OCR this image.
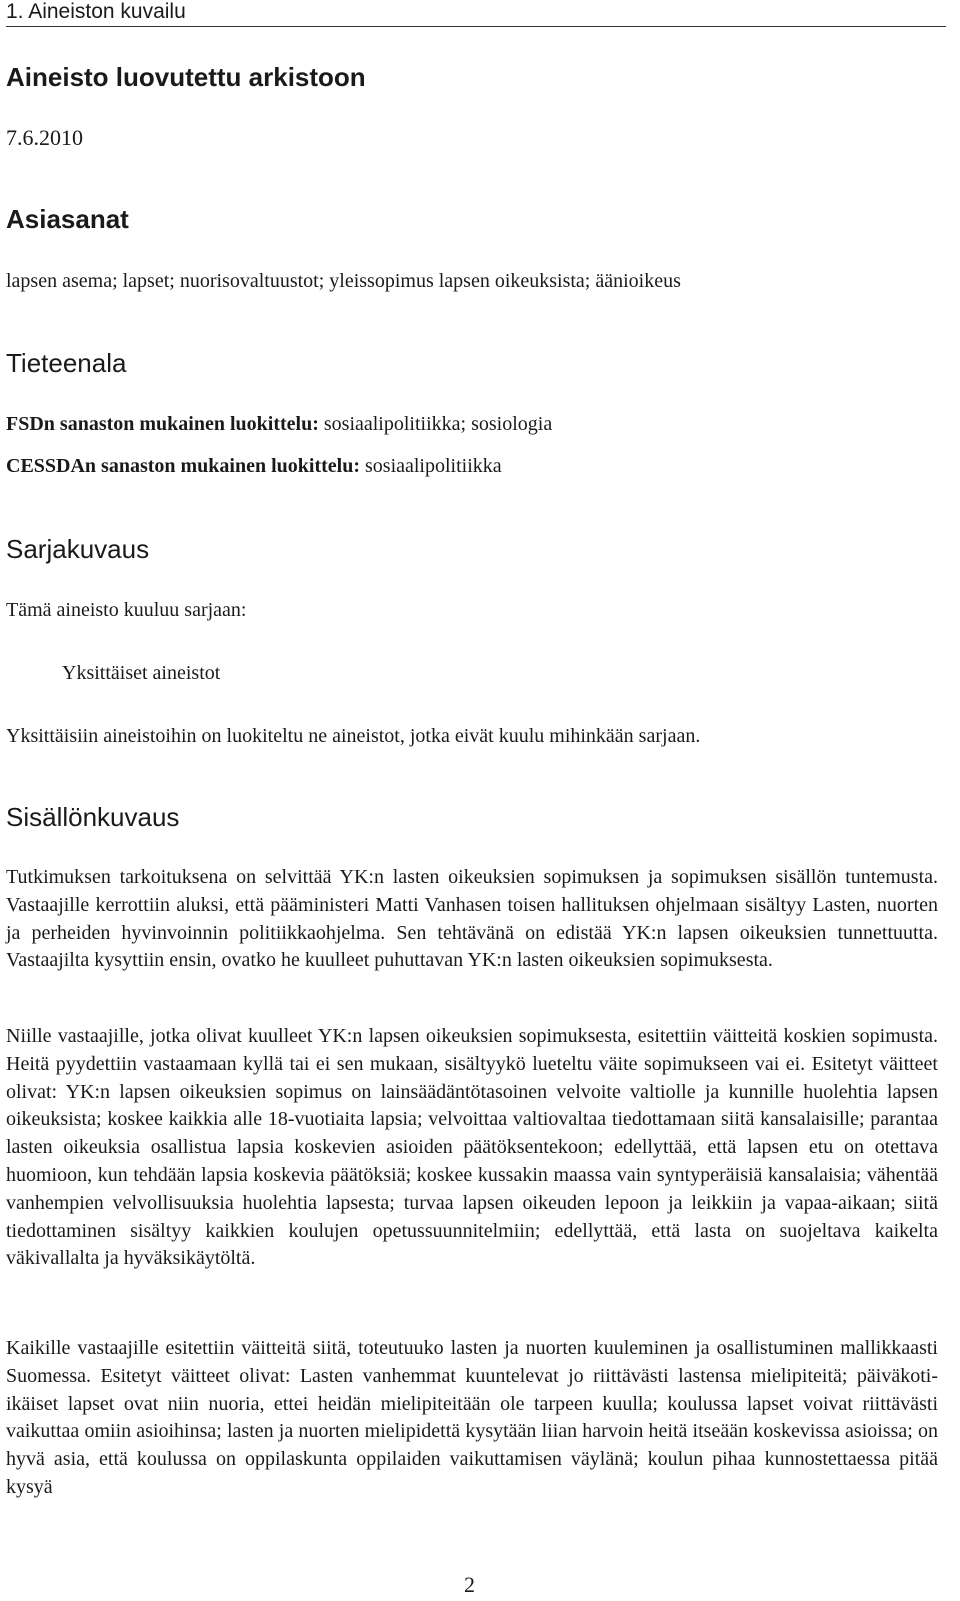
1. Aineiston kuvailu
Aineisto luovutettu arkistoon
7.6.2010
Asiasanat
lapsen asema; lapset; nuorisovaltuustot; yleissopimus lapsen oikeuksista; äänioikeus
Tieteenala
FSDn sanaston mukainen luokittelu: sosiaalipolitiikka; sosiologia
CESSDAn sanaston mukainen luokittelu: sosiaalipolitiikka
Sarjakuvaus
Tämä aineisto kuuluu sarjaan:
Yksittäiset aineistot
Yksittäisiin aineistoihin on luokiteltu ne aineistot, jotka eivät kuulu mihinkään sarjaan.
Sisällönkuvaus

Tutkimuksen tarkoituksena on selvittää YK:n lasten oikeuksien sopimuksen ja sopimuksen sisällön tuntemusta. Vastaajille kerrottiin aluksi, että pääministeri Matti Vanhasen toisen hallituksen ohjelmaan sisältyy Lasten, nuorten ja perheiden hyvinvoinnin politiikkaohjelma. Sen tehtävänä on edistää YK:n lapsen oikeuksien tunnettuutta. Vastaajilta kysyttiin ensin, ovatko he kuulleet puhuttavan YK:n lasten oikeuksien sopimuksesta.

Niille vastaajille, jotka olivat kuulleet YK:n lapsen oikeuksien sopimuksesta, esitettiin väitteitä koskien sopimusta. Heitä pyydettiin vastaamaan kyllä tai ei sen mukaan, sisältyykö lueteltu väite sopimukseen vai ei. Esitetyt väitteet olivat: YK:n lapsen oikeuksien sopimus on lainsäädäntötasoinen velvoite valtiolle ja kunnille huolehtia lapsen oikeuksista; koskee kaikkia alle 18-vuotiaita lapsia; velvoittaa valtiovaltaa tiedottamaan siitä kansalaisille; parantaa lasten oikeuksia osallistua lapsia koskevien asioiden päätöksentekoon; edellyttää, että lapsen etu on otettava huomioon, kun tehdään lapsia koskevia päätöksiä; koskee kussakin maassa vain syntyperäisiä kansalaisia; vähentää vanhempien velvollisuuksia huolehtia lapsesta; turvaa lapsen oikeuden lepoon ja leikkiin ja vapaa-aikaan; siitä tiedottaminen sisältyy kaikkien koulujen opetussuunnitelmiin; edellyttää, että lasta on suojeltava kaikelta väkivallalta ja hyväksikäytöltä.

Kaikille vastaajille esitettiin väitteitä siitä, toteutuuko lasten ja nuorten kuuleminen ja osallistuminen mallikkaasti Suomessa. Esitetyt väitteet olivat: Lasten vanhemmat kuuntelevat jo riittävästi lastensa mielipiteitä; päiväkoti-ikäiset lapset ovat niin nuoria, ettei heidän mielipiteitään ole tarpeen kuulla; koulussa lapset voivat riittävästi vaikuttaa omiin asioihinsa; lasten ja nuorten mielipidettä kysytään liian harvoin heitä itseään koskevissa asioissa; on hyvä asia, että koulussa on oppilaskunta oppilaiden vaikuttamisen väylänä; koulun pihaa kunnostettaessa pitää kysyä

2
